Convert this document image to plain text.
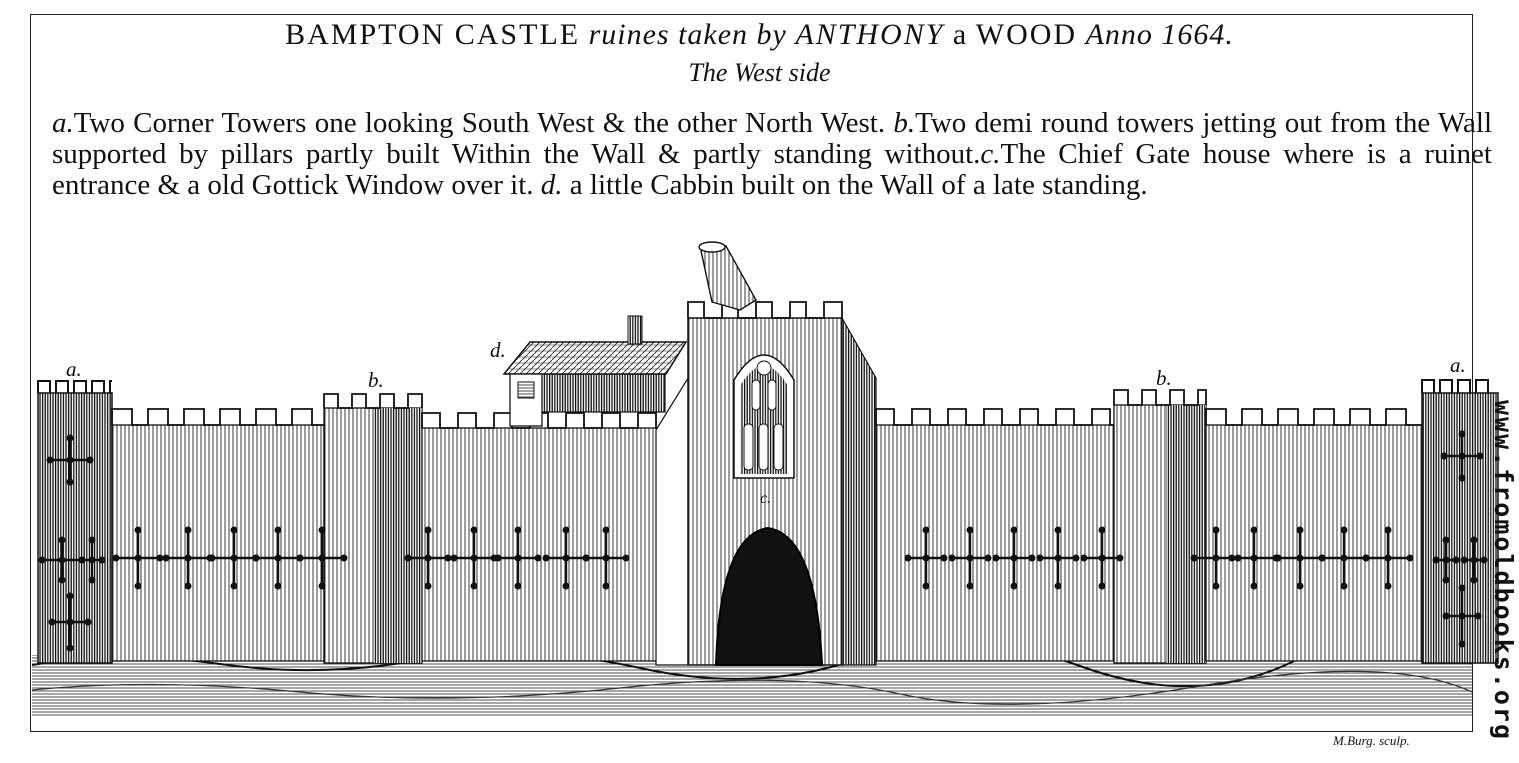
BAMPTON CASTLE ruines taken by ANTHONY a WOOD Anno 1664.
The West side
a.Two Corner Towers one looking South West & the other North West. b.Two demi round towers jetting out from the Wall supported by pillars partly built Within the Wall & partly standing without.c.The Chief Gate house where is a ruinet entrance & a old Gottick Window over it. d. a little Cabbin built on the Wall of a late standing.
a.	b.
d.
c.
b.
a.
M.Burg. sculp.	www.fromoldbooks.org
